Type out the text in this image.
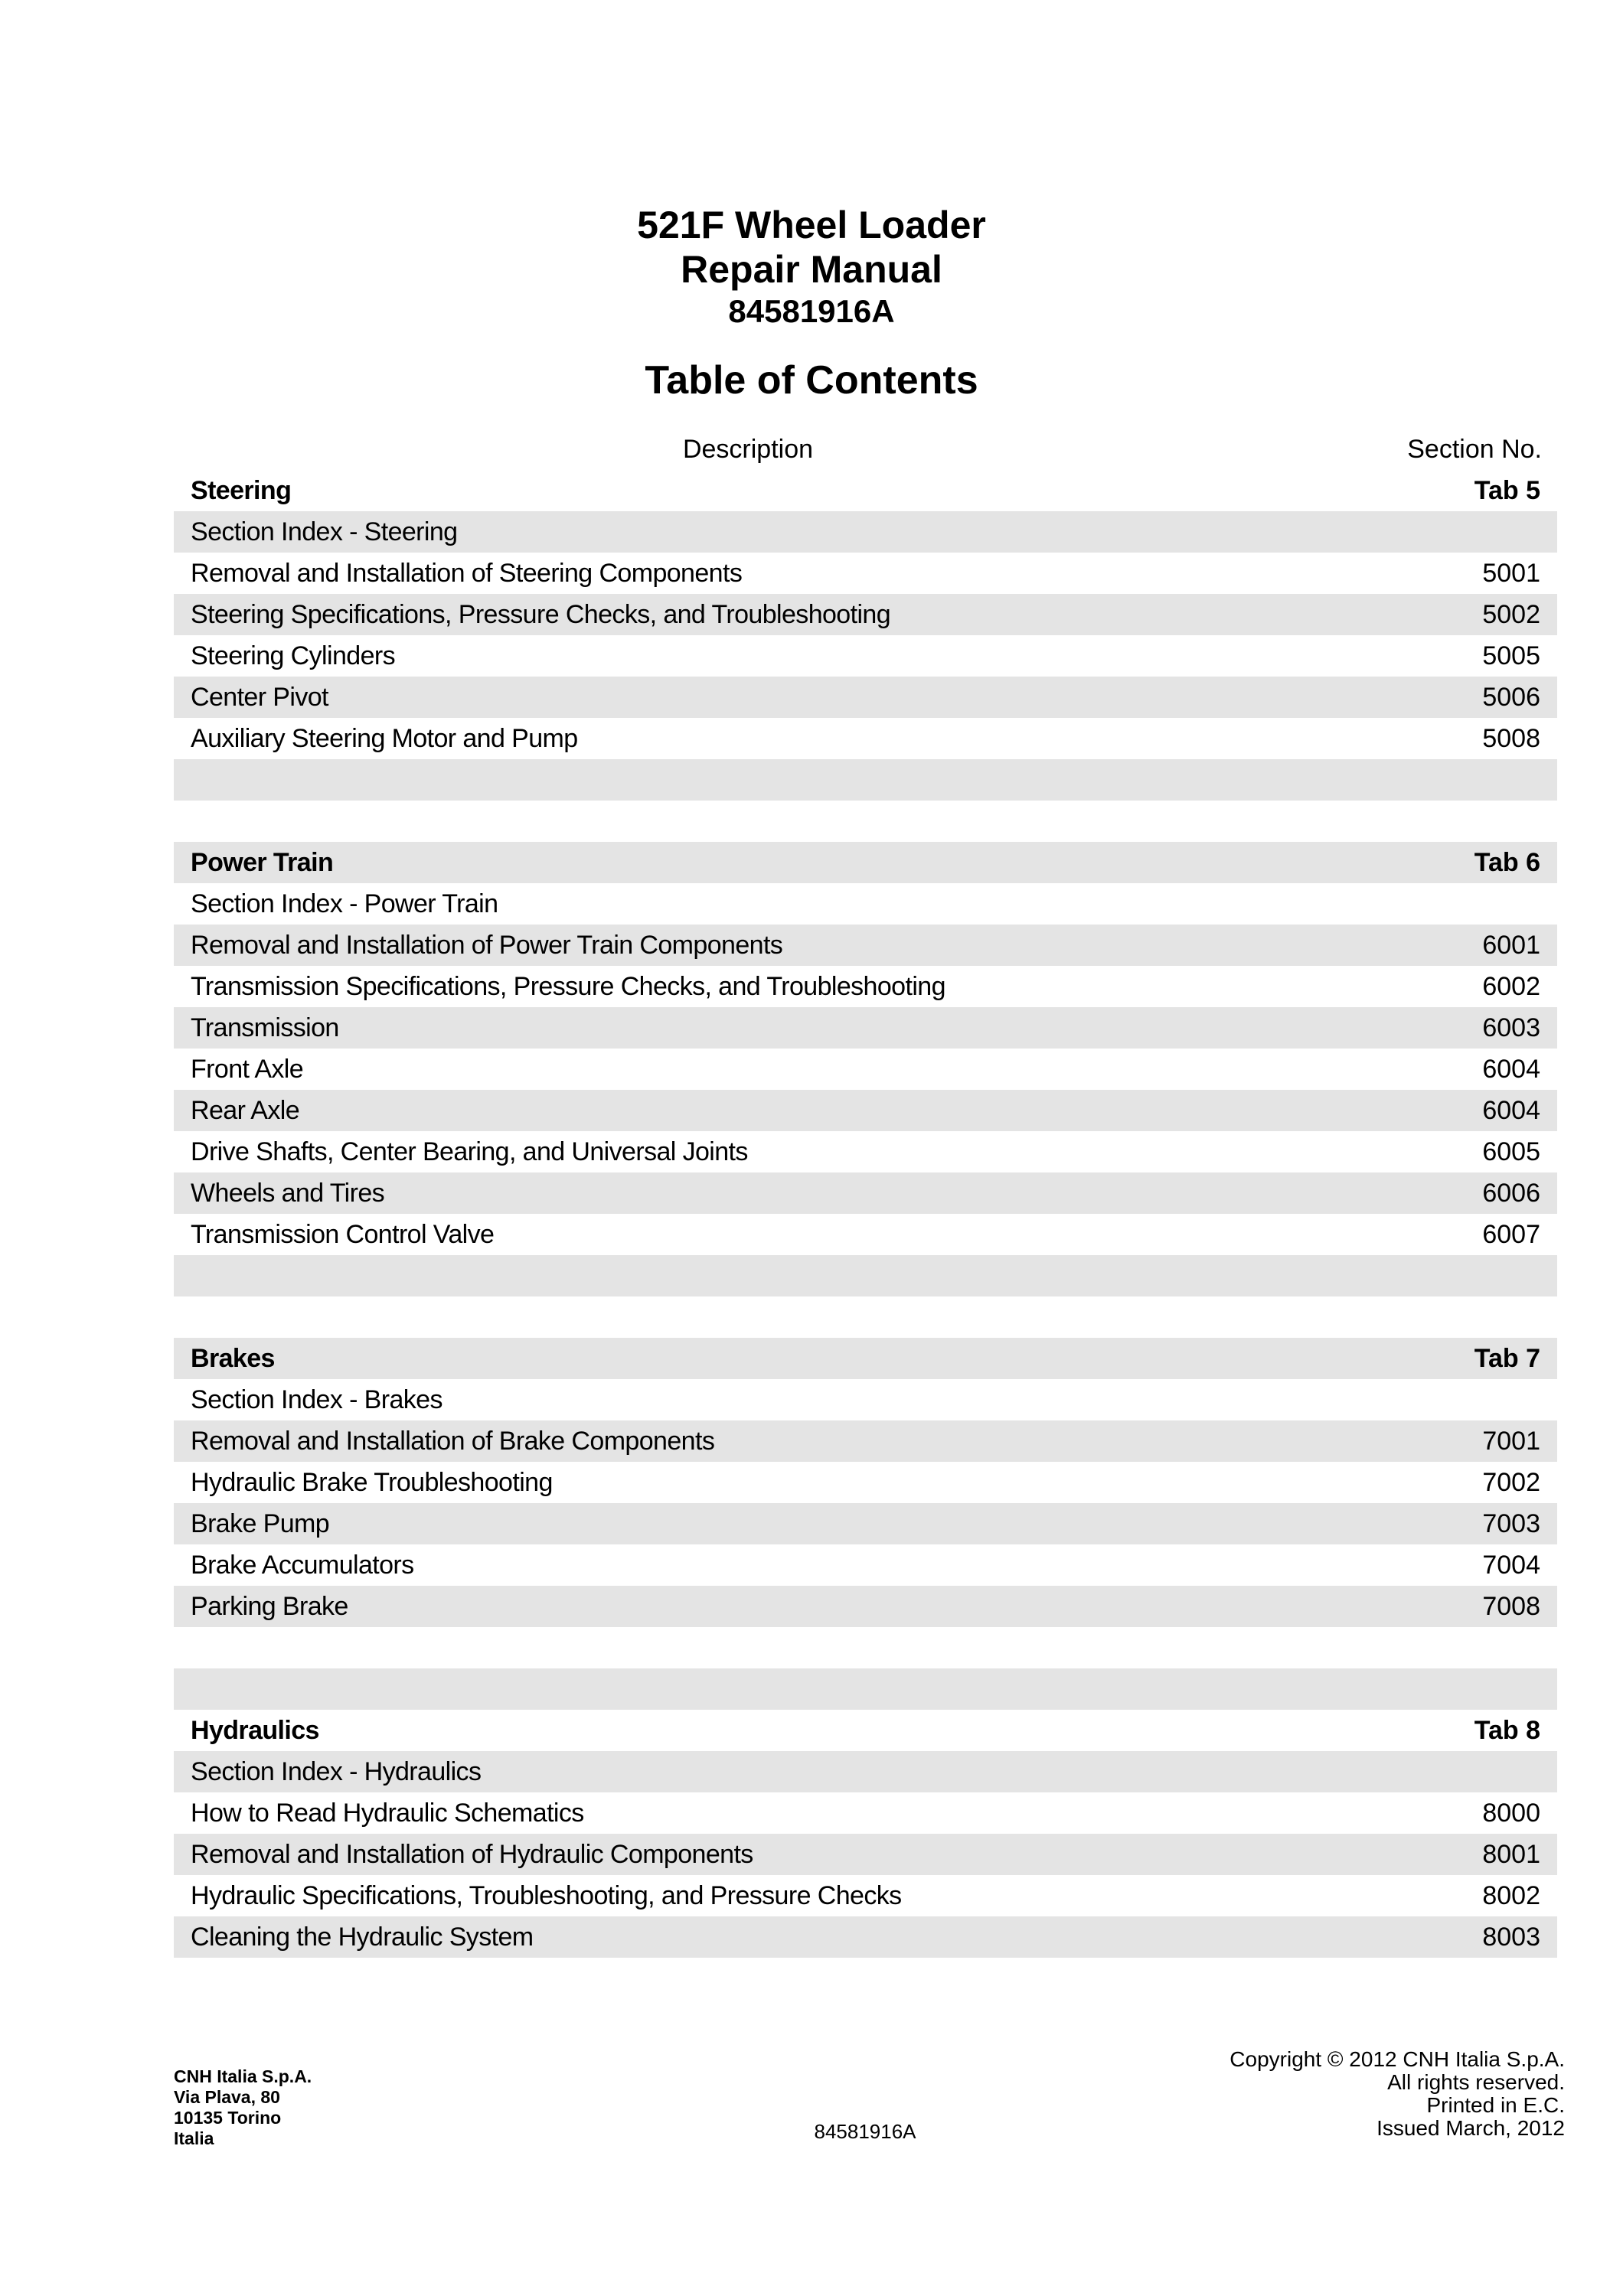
521F Wheel Loader
Repair Manual
84581916A
Table of Contents
Description	Section No.
Steering	Tab 5
Section Index - Steering
Removal and Installation of Steering Components	5001
Steering Specifications, Pressure Checks, and Troubleshooting	5002
Steering Cylinders	5005
Center Pivot	5006
Auxiliary Steering Motor and Pump	5008
Power Train	Tab 6
Section Index - Power Train
Removal and Installation of Power Train Components	6001
Transmission Specifications, Pressure Checks, and Troubleshooting	6002
Transmission	6003
Front Axle	6004
Rear Axle	6004
Drive Shafts, Center Bearing, and Universal Joints	6005
Wheels and Tires	6006
Transmission Control Valve	6007
Brakes	Tab 7
Section Index - Brakes
Removal and Installation of Brake Components	7001
Hydraulic Brake Troubleshooting	7002
Brake Pump	7003
Brake Accumulators	7004
Parking Brake	7008
Hydraulics	Tab 8
Section Index - Hydraulics
How to Read Hydraulic Schematics	8000
Removal and Installation of Hydraulic Components	8001
Hydraulic Specifications, Troubleshooting, and Pressure Checks	8002
Cleaning the Hydraulic System	8003
CNH Italia S.p.A.
Via Plava, 80
10135 Torino
Italia	84581916A
Copyright © 2012 CNH Italia S.p.A.
All rights reserved.
Printed in E.C.
Issued March, 2012
